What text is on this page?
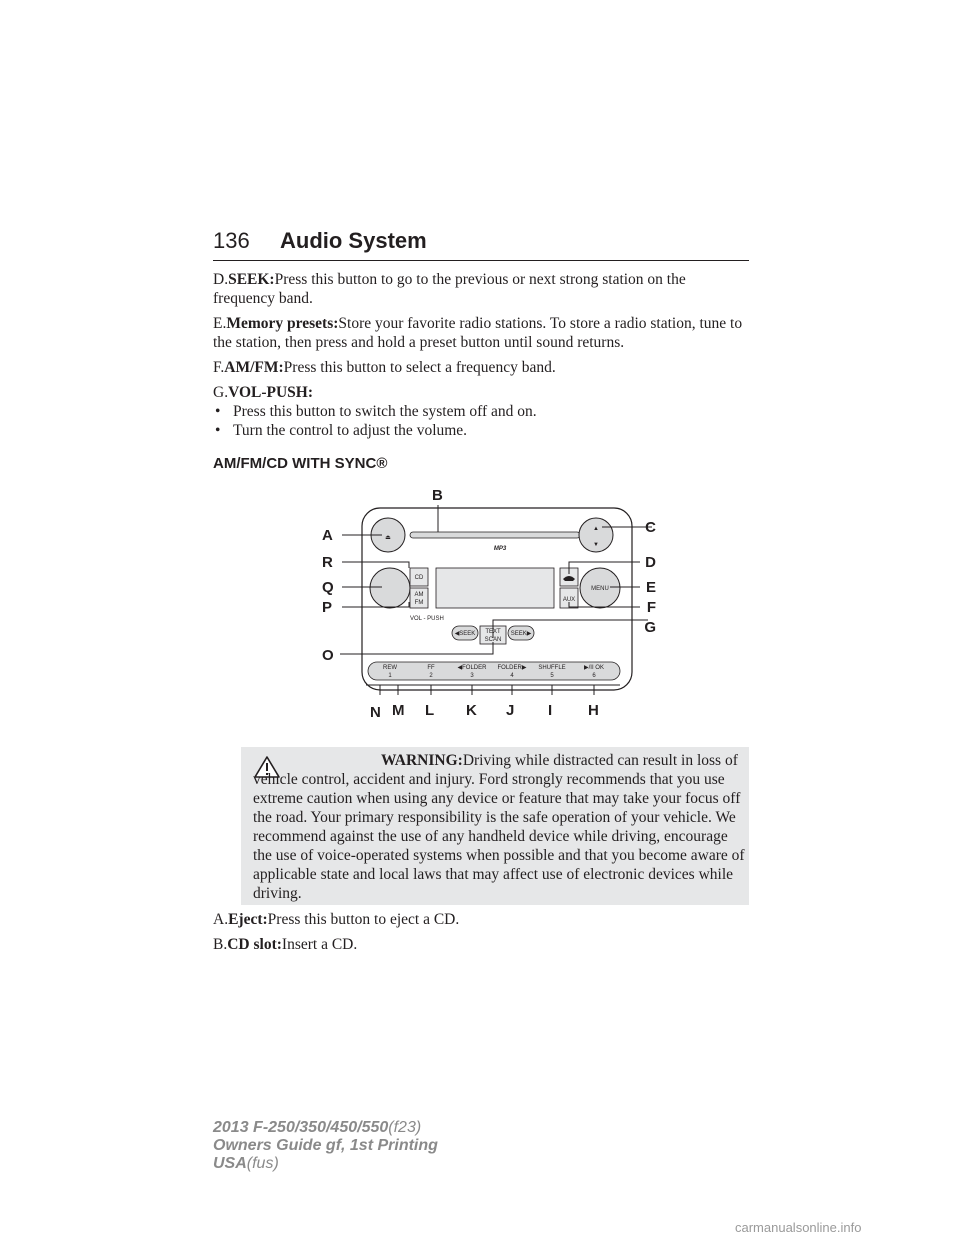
136 Audio System

D.SEEK:Press this button to go to the previous or next strong station on the frequency band.

E.Memory presets:Store your favorite radio stations. To store a radio station, tune to the station, then press and hold a preset button until sound returns.

F.AM/FM:Press this button to select a frequency band.

G.VOL-PUSH:

• Press this button to switch the system off and on.
• Turn the control to adjust the volume.
AM/FM/CD WITH SYNC®
⏏
MP3
▲
▼
VOL - PUSH
CD
AM
FM	AUX
MENU
◀SEEK TEXT
SCAN
SEEK▶
REW
1
FF
2
◀FOLDER
3
FOLDER▶
4
SHUFFLE
5
▶/II OK
6
A
B
C
D
E
F
G
H
I
J
K
L
M
N
O
P
Q
R
WARNING:Driving while distracted can result in loss of vehicle control, accident and injury. Ford strongly recommends that you use extreme caution when using any device or feature that may take your focus off the road. Your primary responsibility is the safe operation of your vehicle. We recommend against the use of any handheld device while driving, encourage the use of voice-operated systems when possible and that you become aware of applicable state and local laws that may affect use of electronic devices while driving.

A.Eject:Press this button to eject a CD.

B.CD slot:Insert a CD.

2013 F-250/350/450/550(f23)
Owners Guide gf, 1st Printing
USA(fus)
carmanualsonline.info
